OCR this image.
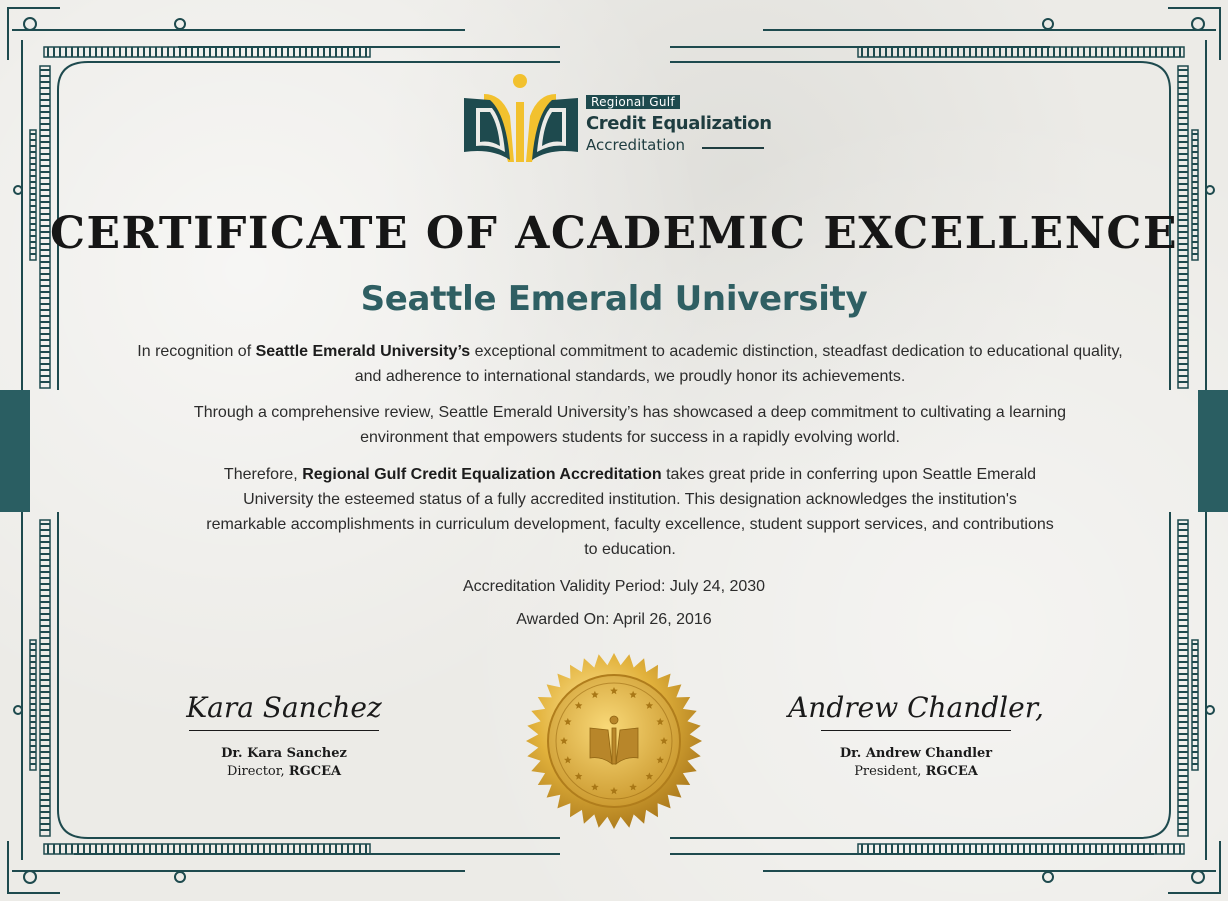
Regional Gulf
Credit Equalization
Accreditation
CERTIFICATE OF ACADEMIC EXCELLENCE
Seattle Emerald University

In recognition of Seattle Emerald University’s exceptional commitment to academic distinction, steadfast dedication to educational quality, and adherence to international standards, we proudly honor its achievements.

Through a comprehensive review, Seattle Emerald University’s has showcased a deep commitment to cultivating a learning environment that empowers students for success in a rapidly evolving world.

Therefore, Regional Gulf Credit Equalization Accreditation takes great pride in conferring upon Seattle Emerald University the esteemed status of a fully accredited institution. This designation acknowledges the institution's remarkable accomplishments in curriculum development, faculty excellence, student support services, and contributions to education.

Accreditation Validity Period: July 24, 2030
Awarded On: April 26, 2016
Kara Sanchez
Dr. Kara Sanchez
Director, RGCEA
Andrew Chandler,
Dr. Andrew Chandler
President, RGCEA
